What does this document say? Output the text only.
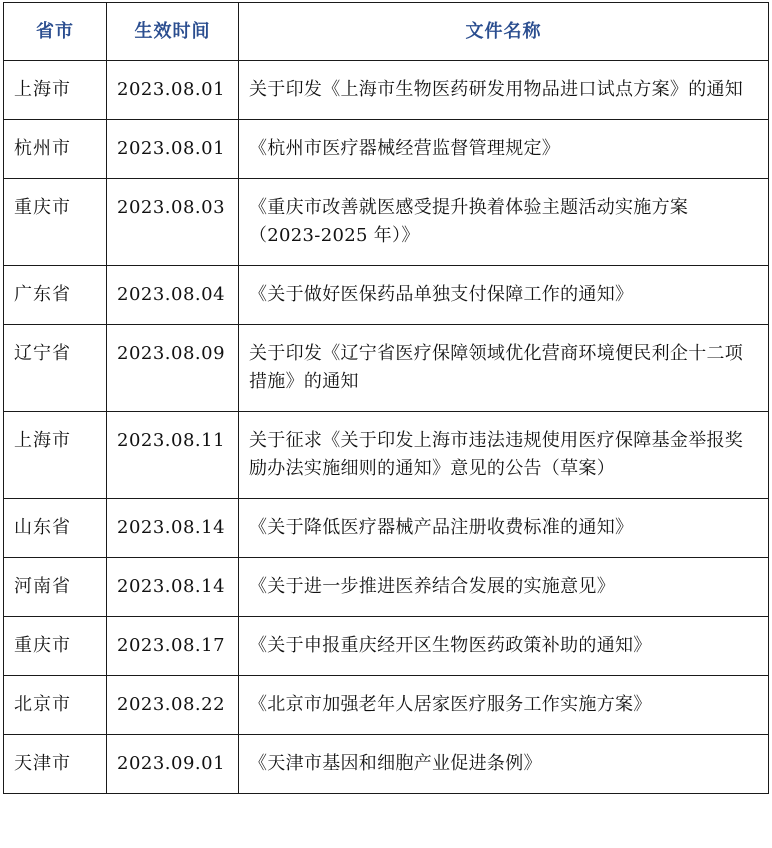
省市	生效时间	文件名称
上海市	2023.08.01	关于印发《上海市生物医药研发用物品进口试点方案》的通知
杭州市	2023.08.01	《杭州市医疗器械经营监督管理规定》
重庆市	2023.08.03	《重庆市改善就医感受提升换着体验主题活动实施方案（2023-2025 年）》
广东省	2023.08.04	《关于做好医保药品单独支付保障工作的通知》
辽宁省	2023.08.09	关于印发《辽宁省医疗保障领域优化营商环境便民利企十二项措施》的通知
上海市	2023.08.11	关于征求《关于印发上海市违法违规使用医疗保障基金举报奖励办法实施细则的通知》意见的公告（草案）
山东省	2023.08.14	《关于降低医疗器械产品注册收费标准的通知》
河南省	2023.08.14	《关于进一步推进医养结合发展的实施意见》
重庆市	2023.08.17	《关于申报重庆经开区生物医药政策补助的通知》
北京市	2023.08.22	《北京市加强老年人居家医疗服务工作实施方案》
天津市	2023.09.01	《天津市基因和细胞产业促进条例》
